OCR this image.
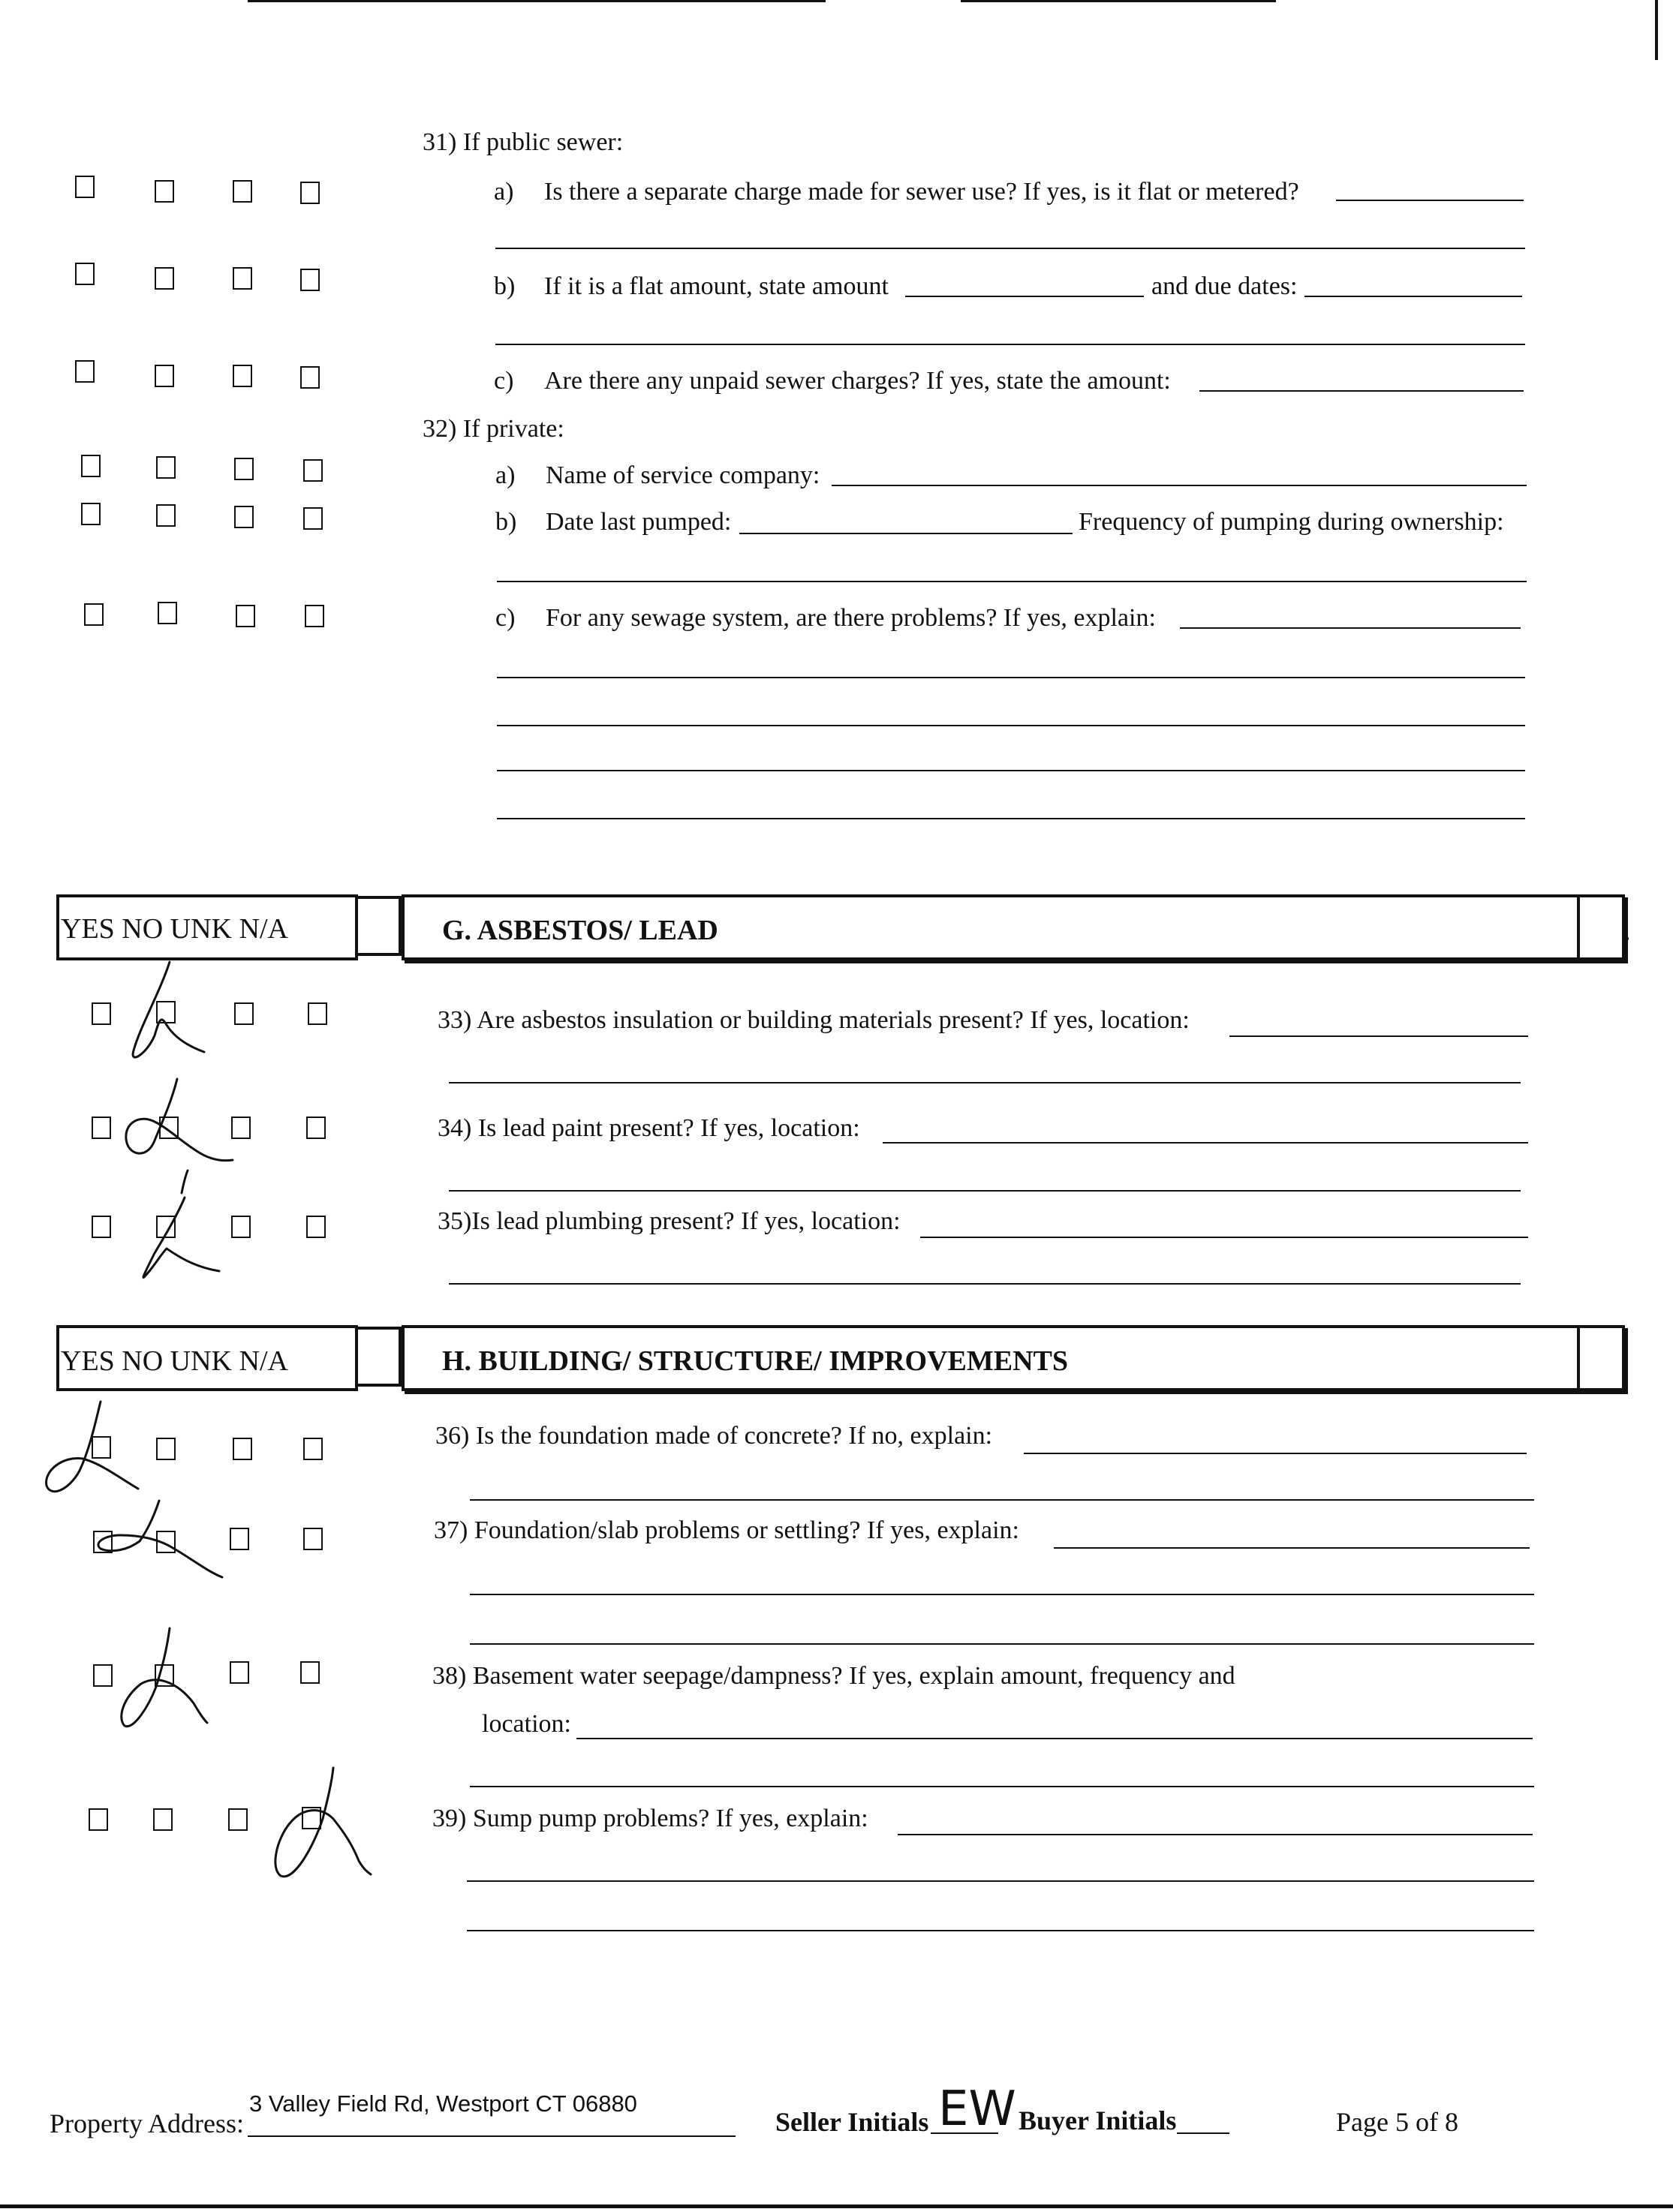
31) If public sewer:
a) Is there a separate charge made for sewer use? If yes, is it flat or metered?
b) If it is a flat amount, state amount	and due dates:
c) Are there any unpaid sewer charges? If yes, state the amount:
32) If private:
a) Name of service company:
b) Date last pumped:	Frequency of pumping during ownership:
c) For any sewage system, are there problems? If yes, explain:
YES NO UNK N/A	G. ASBESTOS/ LEAD
33) Are asbestos insulation or building materials present? If yes, location:
34) Is lead paint present? If yes, location:
35)Is lead plumbing present? If yes, location:
YES NO UNK N/A	H. BUILDING/ STRUCTURE/ IMPROVEMENTS
36) Is the foundation made of concrete? If no, explain:
37) Foundation/slab problems or settling? If yes, explain:
38) Basement water seepage/dampness? If yes, explain amount, frequency and
location:
39) Sump pump problems? If yes, explain:
Property Address:
3 Valley Field Rd, Westport CT 06880
Seller Initials EW Buyer Initials	Page 5 of 8
